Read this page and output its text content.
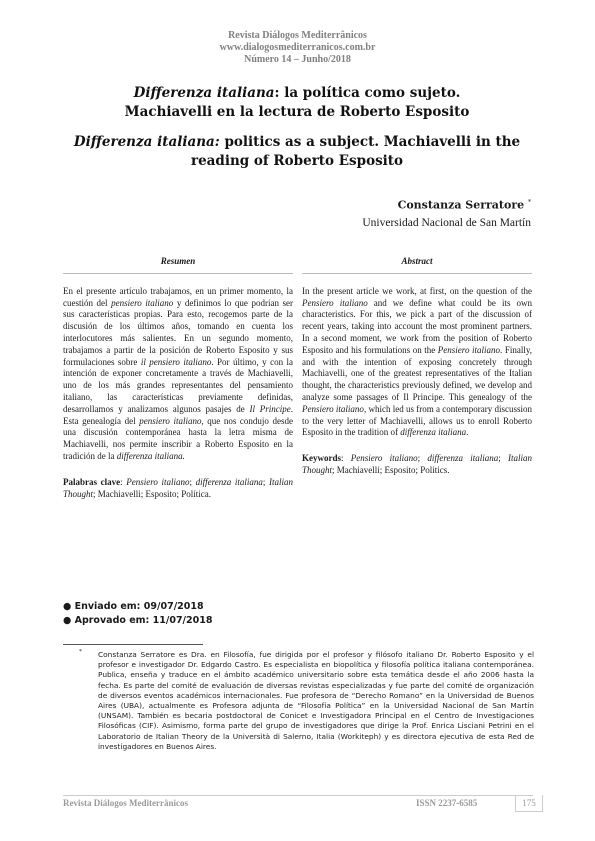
Revista Diálogos Mediterrânicos
www.dialogosmediterranicos.com.br
Número 14 – Junho/2018

Differenza italiana: la política como sujeto.
Machiavelli en la lectura de Roberto Esposito

Differenza italiana: politics as a subject. Machiavelli in the reading of Roberto Esposito

Constanza Serratore *
Universidad Nacional de San Martín
Resumen

En el presente artículo trabajamos, en un primer momento, la cuestión del pensiero italiano y definimos lo que podrían ser sus características propias. Para esto, recogemos parte de la discusión de los últimos años, tomando en cuenta los interlocutores más salientes. En un segundo momento, trabajamos a partir de la posición de Roberto Esposito y sus formulaciones sobre il pensiero italiano. Por último, y con la intención de exponer concretamente a través de Machiavelli, uno de los más grandes representantes del pensamiento italiano, las características previamente definidas, desarrollamos y analizamos algunos pasajes de Il Principe. Esta genealogía del pensiero italiano, que nos condujo desde una discusión contemporánea hasta la letra misma de Machiavelli, nos permite inscribir a Roberto Esposito en la tradición de la differenza italiana.

Palabras clave: Pensiero italiano; differenza italiana; Italian Thought; Machiavelli; Esposito; Política.

Abstract

In the present article we work, at first, on the question of the Pensiero italiano and we define what could be its own characteristics. For this, we pick a part of the discussion of recent years, taking into account the most prominent partners. In a second moment, we work from the position of Roberto Esposito and his formulations on the Pensiero italiano. Finally, and with the intention of exposing concretely through Machiavelli, one of the greatest representatives of the Italian thought, the characteristics previously defined, we develop and analyze some passages of Il Principe. This genealogy of the Pensiero italiano, which led us from a contemporary discussion to the very letter of Machiavelli, allows us to enroll Roberto Esposito in the tradition of differenza italiana.

Keywords: Pensiero italiano; differenza italiana; Italian Thought; Machiavelli; Esposito; Politics.

● Enviado em: 09/07/2018
● Aprovado em: 11/07/2018
* Constanza Serratore es Dra. en Filosofía, fue dirigida por el profesor y filósofo italiano Dr. Roberto Esposito y el profesor e investigador Dr. Edgardo Castro. Es especialista en biopolítica y filosofía política italiana contemporánea. Publica, enseña y traduce en el ámbito académico universitario sobre esta temática desde el año 2006 hasta la fecha. Es parte del comité de evaluación de diversas revistas especializadas y fue parte del comité de organización de diversos eventos académicos internacionales. Fue profesora de “Derecho Romano” en la Universidad de Buenos Aires (UBA), actualmente es Profesora adjunta de “Filosofía Política” en la Universidad Nacional de San Martín (UNSAM). También es becaria postdoctoral de Conicet e Investigadora Principal en el Centro de Investigaciones Filosóficas (CIF). Asimismo, forma parte del grupo de investigadores que dirige la Prof. Enrica Lisciani Petrini en el Laboratorio de Italian Theory de la Università di Salerno, Italia (Workiteph) y es directora ejecutiva de esta Red de investigadores en Buenos Aires.

Revista Diálogos Mediterrânicos	ISSN 2237-6585	175
